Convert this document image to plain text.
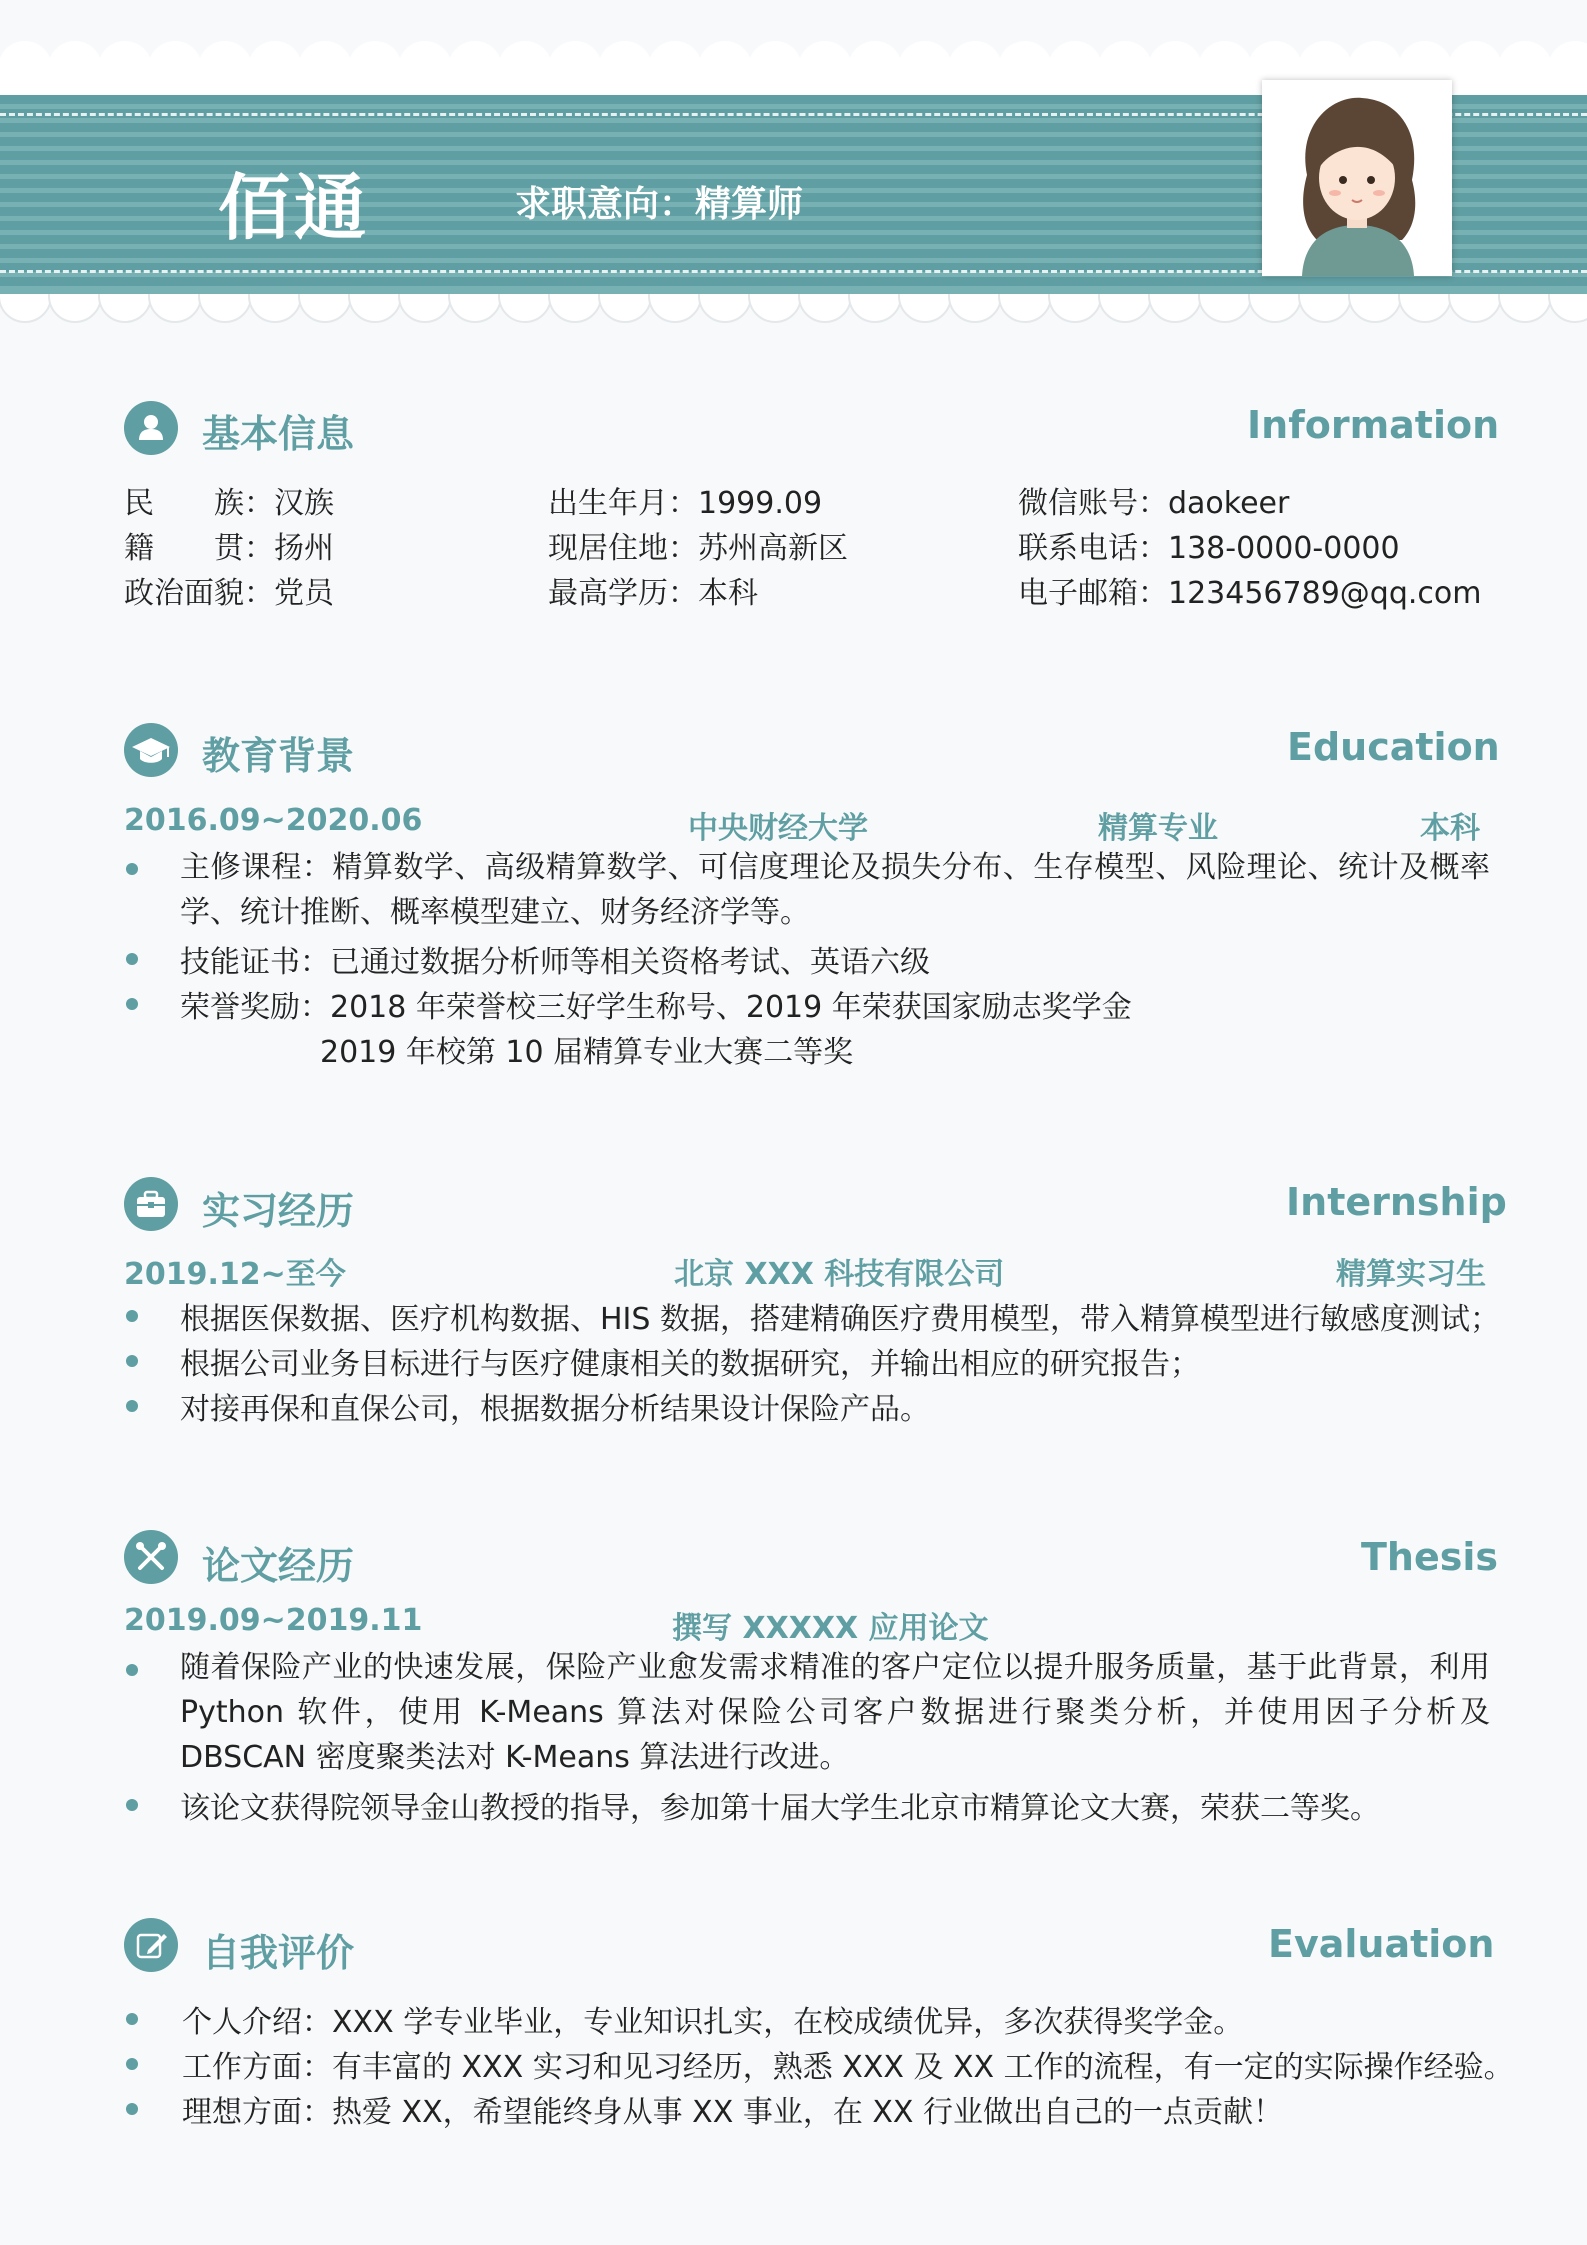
佰通	求职意向：精算师
基本信息	Information
民　　族：汉族	出生年月：1999.09	微信账号：daokeer
籍　　贯：扬州	现居住地：苏州高新区	联系电话：138-0000-0000
政治面貌：党员	最高学历：本科	电子邮箱：123456789@qq.com
教育背景	Education
2016.09~2020.06	中央财经大学	精算专业	本科
主修课程：精算数学、高级精算数学、可信度理论及损失分布、生存模型、风险理论、统计及概率学、统计推断、概率模型建立、财务经济学等。
技能证书：已通过数据分析师等相关资格考试、英语六级
荣誉奖励：2018 年荣誉校三好学生称号、2019 年荣获国家励志奖学金
2019 年校第 10 届精算专业大赛二等奖
实习经历	Internship
2019.12~至今	北京 XXX 科技有限公司	精算实习生
根据医保数据、医疗机构数据、HIS 数据，搭建精确医疗费用模型，带入精算模型进行敏感度测试；
根据公司业务目标进行与医疗健康相关的数据研究，并输出相应的研究报告；
对接再保和直保公司，根据数据分析结果设计保险产品。
论文经历	Thesis
2019.09~2019.11	撰写 XXXXX 应用论文
随着保险产业的快速发展，保险产业愈发需求精准的客户定位以提升服务质量，基于此背景，利用 Python 软件，使用 K-Means 算法对保险公司客户数据进行聚类分析，并使用因子分析及 DBSCAN 密度聚类法对 K-Means 算法进行改进。
该论文获得院领导金山教授的指导，参加第十届大学生北京市精算论文大赛，荣获二等奖。
自我评价	Evaluation
个人介绍：XXX 学专业毕业，专业知识扎实，在校成绩优异，多次获得奖学金。
工作方面：有丰富的 XXX 实习和见习经历，熟悉 XXX 及 XX 工作的流程，有一定的实际操作经验。
理想方面：热爱 XX，希望能终身从事 XX 事业，在 XX 行业做出自己的一点贡献！
